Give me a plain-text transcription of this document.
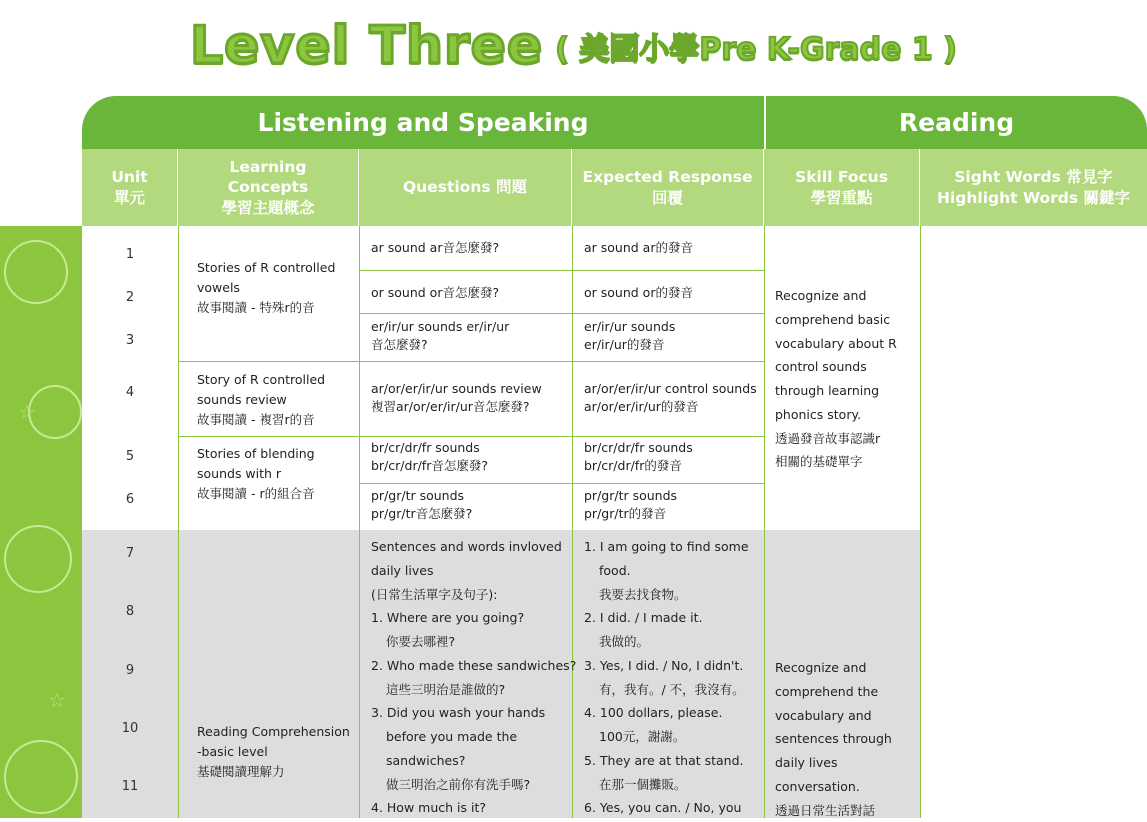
Level Three ( 美國小學Pre K-Grade 1 )
☆
☆
Listening and Speaking	Reading
Unit
單元
Learning
Concepts
學習主題概念
Questions 問題
Expected Response
回覆
Skill Focus
學習重點
Sight Words 常見字
Highlight Words 關鍵字
1
2
3
4
5
6
7
8
9
10
11
Stories of R controlled
vowels
故事閱讀 - 特殊r的音
Story of R controlled
sounds review
故事閱讀 - 複習r的音
Stories of blending
sounds with r
故事閱讀 - r的組合音
Reading Comprehension
-basic level
基礎閱讀理解力
ar sound ar音怎麼發?
or sound or音怎麼發?
er/ir/ur sounds er/ir/ur
音怎麼發?
ar/or/er/ir/ur sounds review
複習ar/or/er/ir/ur音怎麼發?
br/cr/dr/fr sounds
br/cr/dr/fr音怎麼發?
pr/gr/tr sounds
pr/gr/tr音怎麼發?
Sentences and words invloved
daily lives
(日常生活單字及句子):
1. Where are you going?
你要去哪裡?
2. Who made these sandwiches?
這些三明治是誰做的?
3. Did you wash your hands
before you made the
sandwiches?
做三明治之前你有洗手嗎?
4. How much is it?
ar sound ar的發音
or sound or的發音
er/ir/ur sounds
er/ir/ur的發音
ar/or/er/ir/ur control sounds
ar/or/er/ir/ur的發音
br/cr/dr/fr sounds
br/cr/dr/fr的發音
pr/gr/tr sounds
pr/gr/tr的發音
1. I am going to find some
food.
我要去找食物。
2. I did. / I made it.
我做的。
3. Yes, I did. / No, I didn't.
有，我有。/ 不，我沒有。
4. 100 dollars, please.
100元，謝謝。
5. They are at that stand.
在那一個攤販。
6. Yes, you can. / No, you
Recognize and
comprehend basic
vocabulary about R
control sounds
through learning
phonics story.
透過發音故事認識r
相關的基礎單字
Recognize and
comprehend the
vocabulary and
sentences through
daily lives
conversation.
透過日常生活對話
